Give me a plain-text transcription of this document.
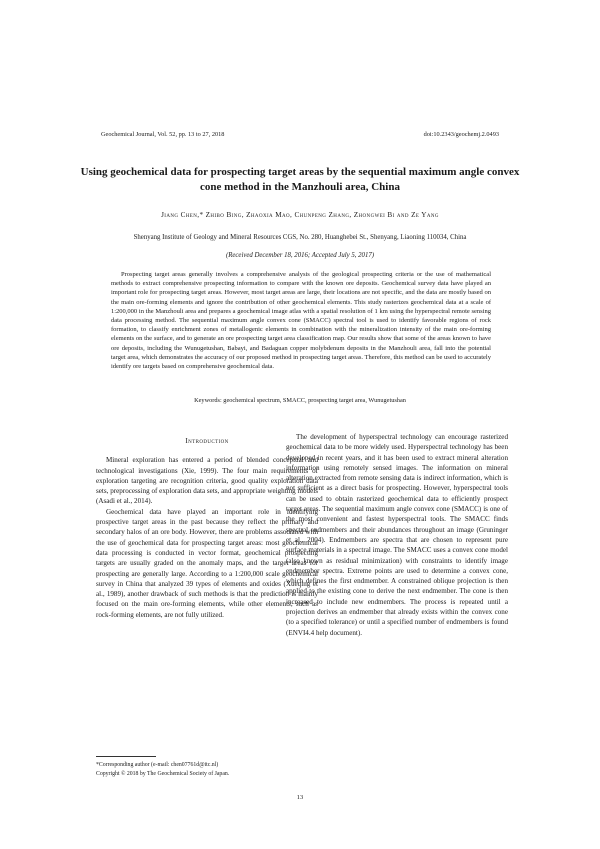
Geochemical Journal, Vol. 52, pp. 13 to 27, 2018	doi:10.2343/geochemj.2.0493
Using geochemical data for prospecting target areas by the sequential maximum angle convex cone method in the Manzhouli area, China
Jiang Chen,* Zhibo Bing, Zhaoxia Mao, Chunpeng Zhang, Zhongwei Bi and Ze Yang
Shenyang Institute of Geology and Mineral Resources CGS, No. 280, Huanghebei St., Shenyang, Liaoning 110034, China
(Received December 18, 2016; Accepted July 5, 2017)

Prospecting target areas generally involves a comprehensive analysis of the geological prospecting criteria or the use of mathematical methods to extract comprehensive prospecting information to compare with the known ore deposits. Geochemical survey data have played an important role for prospecting target areas. However, most target areas are large, their locations are not specific, and the data are mostly based on the main ore-forming elements and ignore the contribution of other geochemical elements. This study rasterizes geochemical data at a scale of 1:200,000 in the Manzhouli area and prepares a geochemical image atlas with a spatial resolution of 1 km using the hyperspectral remote sensing data processing method. The sequential maximum angle convex cone (SMACC) spectral tool is used to identify favorable regions of rock formation, to classify enrichment zones of metallogenic elements in combination with the mineralization intensity of the main ore-forming elements on the surface, and to generate an ore prospecting target area classification map. Our results show that some of the areas known to have ore deposits, including the Wunugetushan, Babayi, and Badaguan copper molybdenum deposits in the Manzhouli area, fall into the potential target area, which demonstrates the accuracy of our proposed method in prospecting target areas. Therefore, this method can be used to accurately identify ore targets based on comprehensive geochemical data.

Keywords: geochemical spectrum, SMACC, prospecting target area, Wunugetushan
Introduction

Mineral exploration has entered a period of blended conceptual and technological investigations (Xie, 1999). The four main requirements of exploration targeting are recognition criteria, good quality exploration data sets, preprocessing of exploration data sets, and appropriate weighting models (Asadi et al., 2014).

Geochemical data have played an important role in identifying prospective target areas in the past because they reflect the primary and secondary halos of an ore body. However, there are problems associated with the use of geochemical data for prospecting target areas: most geochemical data processing is conducted in vector format, geochemical prospecting targets are usually graded on the anomaly maps, and the target areas for prospecting are generally large. According to a 1:200,000 scale geochemical survey in China that analyzed 39 types of elements and oxides (Xueqing et al., 1989), another drawback of such methods is that the prediction is mainly focused on the main ore-forming elements, while other elements, such as rock-forming elements, are not fully utilized.

The development of hyperspectral technology can encourage rasterized geochemical data to be more widely used. Hyperspectral technology has been developed in recent years, and it has been used to extract mineral alteration information using remotely sensed images. The information on mineral alteration extracted from remote sensing data is indirect information, which is not sufficient as a direct basis for prospecting. However, hyperspectral tools can be used to obtain rasterized geochemical data to efficiently prospect target areas. The sequential maximum angle convex cone (SMACC) is one of the most convenient and fastest hyperspectral tools. The SMACC finds spectral endmembers and their abundances throughout an image (Gruninger et al., 2004). Endmembers are spectra that are chosen to represent pure surface materials in a spectral image. The SMACC uses a convex cone model (also known as residual minimization) with constraints to identify image endmember spectra. Extreme points are used to determine a convex cone, which defines the first endmember. A constrained oblique projection is then applied to the existing cone to derive the next endmember. The cone is then increased to include new endmembers. The process is repeated until a projection derives an endmember that already exists within the convex cone (to a specified tolerance) or until a specified number of endmembers is found (ENVI4.4 help document).

*Corresponding author (e-mail: chen07761d@itc.nl)
Copyright © 2018 by The Geochemical Society of Japan.
13
